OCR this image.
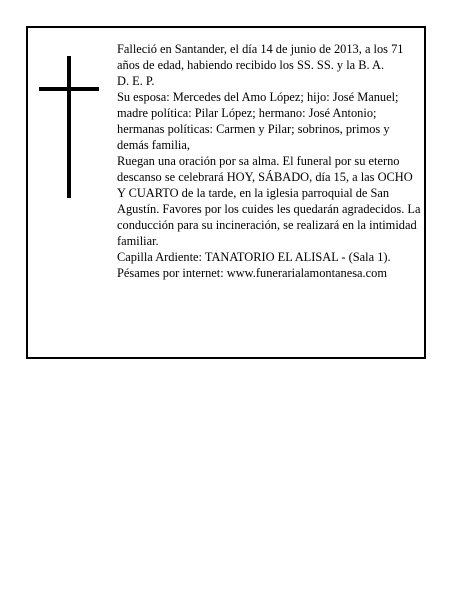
Falleció en Santander, el día 14 de junio de 2013, a los 71 años de edad, habiendo recibido los SS. SS. y la B. A.

D. E. P.

Su esposa: Mercedes del Amo López; hijo: José Manuel; madre política: Pilar López; hermano: José Antonio; hermanas políticas: Carmen y Pilar; sobrinos, primos y demás familia,

Ruegan una oración por sa alma. El funeral por su eterno descanso se celebrará HOY, SÁBADO, día 15, a las OCHO Y CUARTO de la tarde, en la iglesia parroquial de San Agustín. Favores por los cuides les quedarán agradecidos. La conducción para su incineración, se realizará en la intimidad familiar.

Capilla Ardiente: TANATORIO EL ALISAL - (Sala 1).

Pésames por internet: www.funerarialamontanesa.com
